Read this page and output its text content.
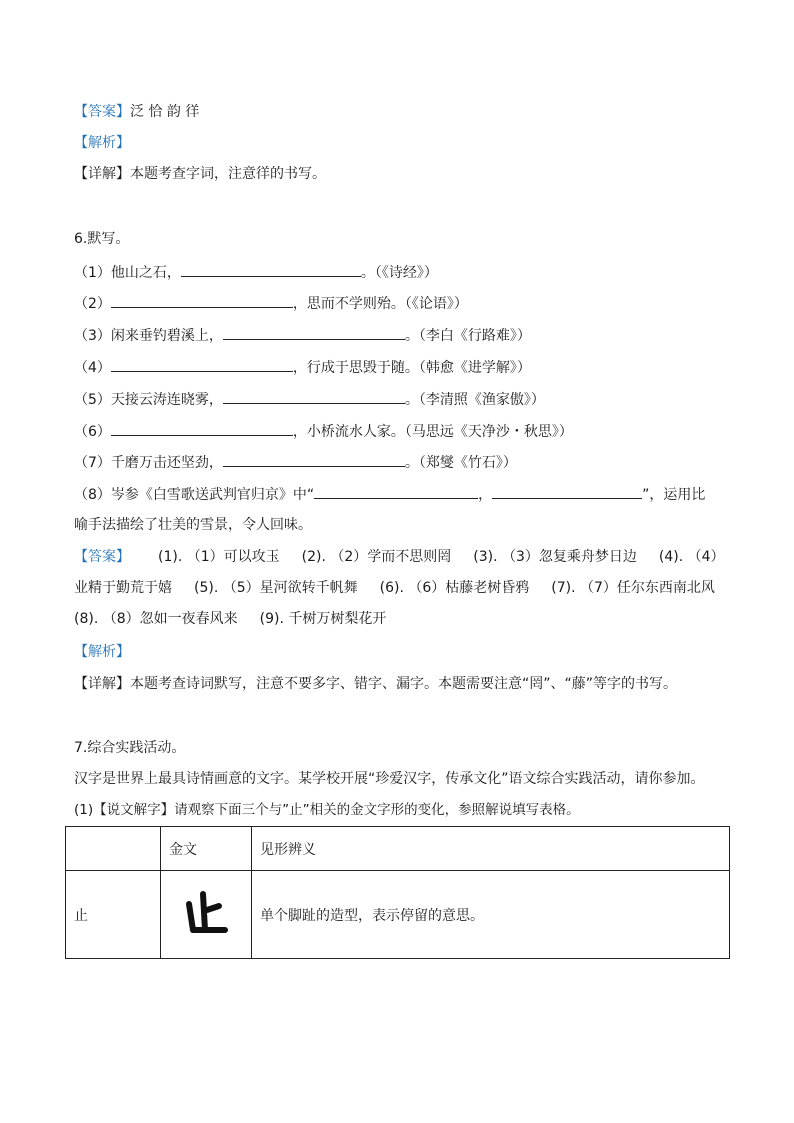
【答案】泛 恰 韵 徉
【解析】
【详解】本题考查字词，注意徉的书写。
6.默写。
（1）他山之石，	。（《诗经》）
（2）	，思而不学则殆。（《论语》）
（3）闲来垂钓碧溪上，	。（李白《行路难》）
（4）	，行成于思毁于随。（韩愈《进学解》）
（5）天接云涛连晓雾，	。（李清照《渔家傲》）
（6）	，小桥流水人家。（马思远《天净沙・秋思》）
（7）千磨万击还坚劲，	。（郑燮《竹石》）
（8）岑参《白雪歌送武判官归京》中“	，	”，运用比
喻手法描绘了壮美的雪景，令人回味。
【答案】 (1). （1）可以攻玉 (2). （2）学而不思则罔 (3). （3）忽复乘舟梦日边 (4). （4）
业精于勤荒于嬉 (5). （5）星河欲转千帆舞 (6). （6）枯藤老树昏鸦 (7). （7）任尔东西南北风
(8). （8）忽如一夜春风来 (9). 千树万树梨花开
【解析】
【详解】本题考查诗词默写，注意不要多字、错字、漏字。本题需要注意“罔”、“藤”等字的书写。
7.综合实践活动。
汉字是世界上最具诗情画意的文字。某学校开展“珍爱汉字，传承文化”语文综合实践活动，请你参加。
(1)【说文解字】请观察下面三个与”止”相关的金文字形的变化，参照解说填写表格。
	金文	见形辨义
止		单个脚趾的造型，表示停留的意思。
